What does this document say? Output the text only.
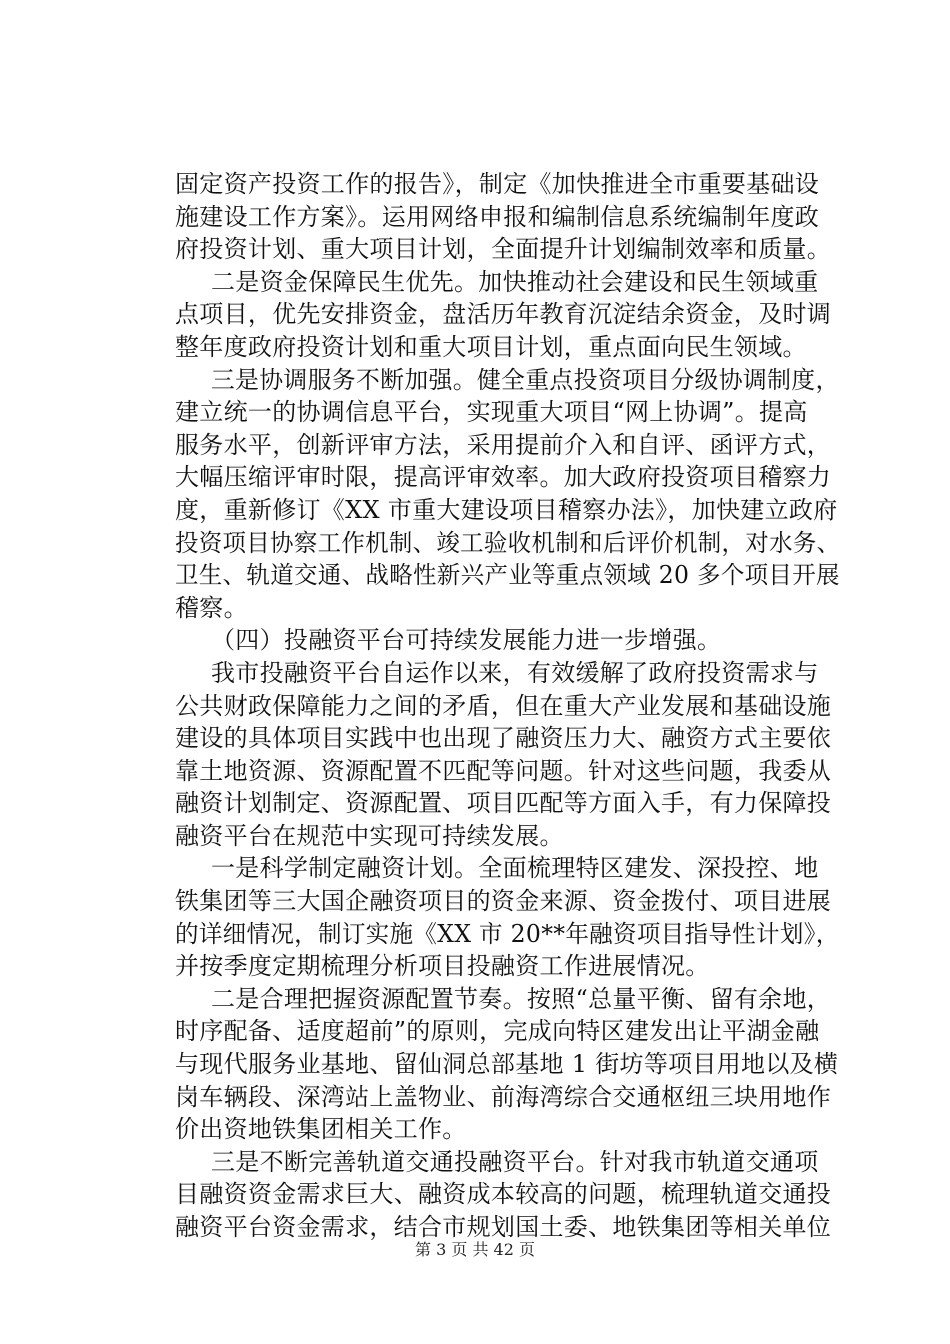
固定资产投资工作的报告》，制定《加快推进全市重要基础设
施建设工作方案》。运用网络申报和编制信息系统编制年度政
府投资计划、重大项目计划，全面提升计划编制效率和质量。
二是资金保障民生优先。加快推动社会建设和民生领域重
点项目，优先安排资金，盘活历年教育沉淀结余资金，及时调
整年度政府投资计划和重大项目计划，重点面向民生领域。
三是协调服务不断加强。健全重点投资项目分级协调制度，
建立统一的协调信息平台，实现重大项目“网上协调”。提高
服务水平，创新评审方法，采用提前介入和自评、函评方式，
大幅压缩评审时限，提高评审效率。加大政府投资项目稽察力
度，重新修订《XX 市重大建设项目稽察办法》，加快建立政府
投资项目协察工作机制、竣工验收机制和后评价机制，对水务、
卫生、轨道交通、战略性新兴产业等重点领域 20 多个项目开展
稽察。
（四）投融资平台可持续发展能力进一步增强。
我市投融资平台自运作以来，有效缓解了政府投资需求与
公共财政保障能力之间的矛盾，但在重大产业发展和基础设施
建设的具体项目实践中也出现了融资压力大、融资方式主要依
靠土地资源、资源配置不匹配等问题。针对这些问题，我委从
融资计划制定、资源配置、项目匹配等方面入手，有力保障投
融资平台在规范中实现可持续发展。
一是科学制定融资计划。全面梳理特区建发、深投控、地
铁集团等三大国企融资项目的资金来源、资金拨付、项目进展
的详细情况，制订实施《XX 市 20**年融资项目指导性计划》，
并按季度定期梳理分析项目投融资工作进展情况。
二是合理把握资源配置节奏。按照“总量平衡、留有余地，
时序配备、适度超前”的原则，完成向特区建发出让平湖金融
与现代服务业基地、留仙洞总部基地 1 街坊等项目用地以及横
岗车辆段、深湾站上盖物业、前海湾综合交通枢纽三块用地作
价出资地铁集团相关工作。
三是不断完善轨道交通投融资平台。针对我市轨道交通项
目融资资金需求巨大、融资成本较高的问题，梳理轨道交通投
融资平台资金需求，结合市规划国土委、地铁集团等相关单位
第 3 页 共 42 页
